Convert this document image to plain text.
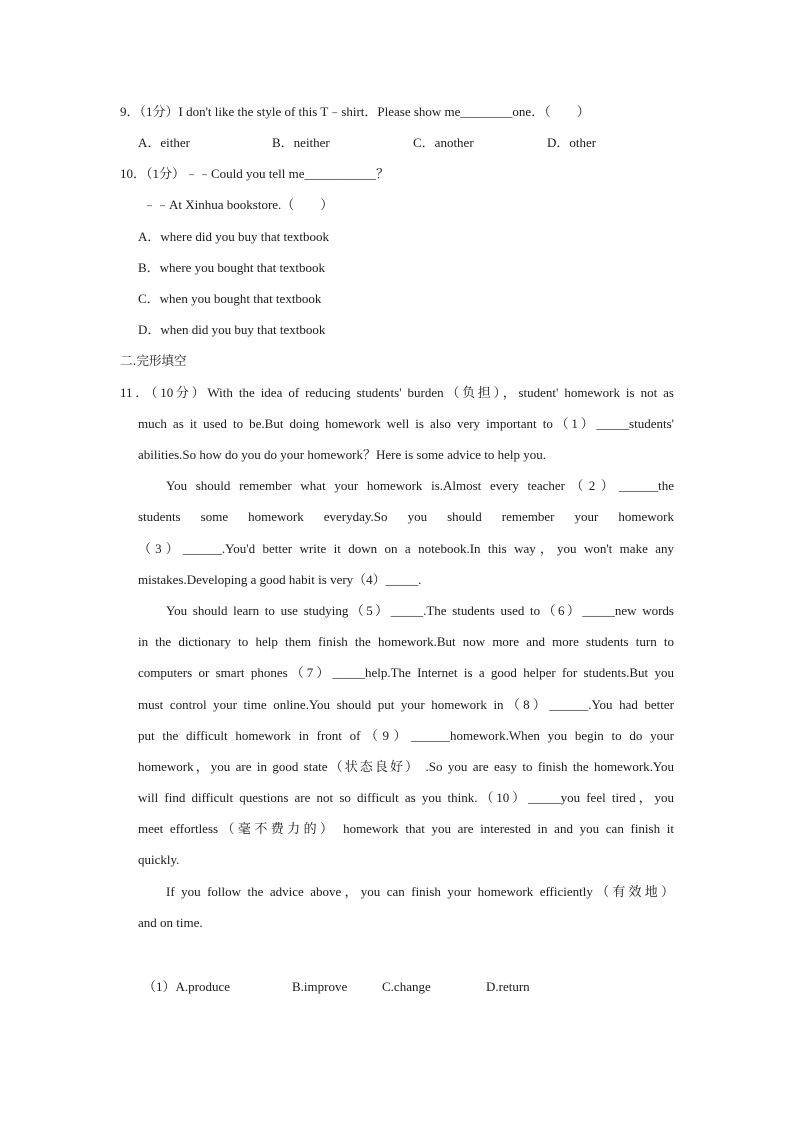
9．（1分）I don't like the style of this T﹣shirt．Please show me________one．（　　）
A．either	B．neither	C．another	D．other
10．（1分）﹣﹣Could you tell me___________？
﹣﹣At Xinhua bookstore.（　　）
A．where did you buy that textbook
B．where you bought that textbook
C．when you bought that textbook
D．when did you buy that textbook
二.完形填空
11．（10分）With the idea of reducing students' burden（负担），student' homework is not as
much as it used to be.But doing homework well is also very important to（1）_____students'
abilities.So how do you do your homework？Here is some advice to help you.
You should remember what your homework is.Almost every teacher（2）______the
students some homework everyday.So you should remember your homework
（3）______.You'd better write it down on a notebook.In this way，you won't make any
mistakes.Developing a good habit is very（4）_____.
You should learn to use studying（5）_____.The students used to（6）_____new words
in the dictionary to help them finish the homework.But now more and more students turn to
computers or smart phones（7）_____help.The Internet is a good helper for students.But you
must control your time online.You should put your homework in（8）______.You had better
put the difficult homework in front of（9）______homework.When you begin to do your
homework，you are in good state（状态良好） .So you are easy to finish the homework.You
will find difficult questions are not so difficult as you think.（10）_____you feel tired，you
meet effortless（毫不费力的） homework that you are interested in and you can finish it
quickly.
If you follow the advice above，you can finish your homework efficiently（有效地）
and on time.
（1）A.produce	B.improve	C.change	D.return
